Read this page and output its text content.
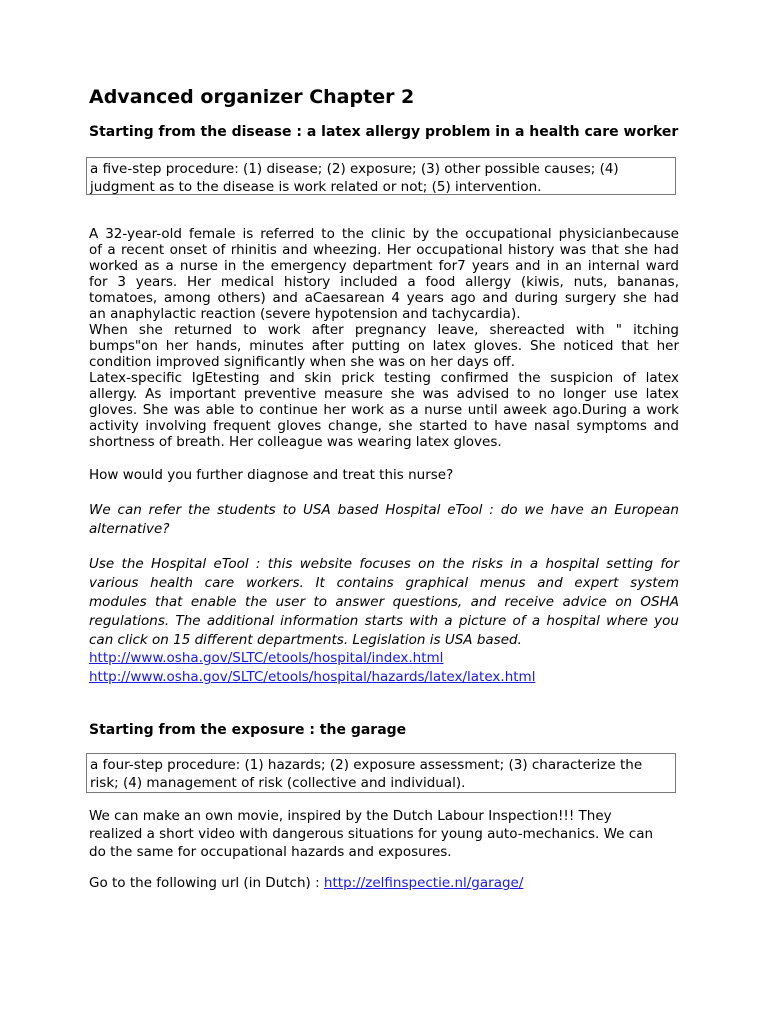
Advanced organizer Chapter 2
Starting from the disease : a latex allergy problem in a health care worker
a five-step procedure: (1) disease; (2) exposure; (3) other possible causes; (4) judgment as to the disease is work related or not; (5) intervention.
A 32-year-old female is referred to the clinic by the occupational physicianbecause
of a recent onset of rhinitis and wheezing. Her occupational history was that she had
worked as a nurse in the emergency department for7 years and in an internal ward
for 3 years. Her medical history included a food allergy (kiwis, nuts, bananas,
tomatoes, among others) and aCaesarean 4 years ago and during surgery she had
an anaphylactic reaction (severe hypotension and tachycardia).
When she returned to work after pregnancy leave, shereacted with " itching
bumps"on her hands, minutes after putting on latex gloves. She noticed that her
condition improved significantly when she was on her days off.
Latex-specific IgEtesting and skin prick testing confirmed the suspicion of latex
allergy. As important preventive measure she was advised to no longer use latex
gloves. She was able to continue her work as a nurse until aweek ago.During a work
activity involving frequent gloves change, she started to have nasal symptoms and
shortness of breath. Her colleague was wearing latex gloves.
How would you further diagnose and treat this nurse?
We can refer the students to USA based Hospital eTool : do we have an European
alternative?
Use the Hospital eTool : this website focuses on the risks in a hospital setting for
various health care workers. It contains graphical menus and expert system
modules that enable the user to answer questions, and receive advice on OSHA
regulations. The additional information starts with a picture of a hospital where you
can click on 15 different departments. Legislation is USA based.
http://www.osha.gov/SLTC/etools/hospital/index.html
http://www.osha.gov/SLTC/etools/hospital/hazards/latex/latex.html
Starting from the exposure : the garage
a four-step procedure: (1) hazards; (2) exposure assessment; (3) characterize the risk; (4) management of risk (collective and individual).
We can make an own movie, inspired by the Dutch Labour Inspection!!! They
realized a short video with dangerous situations for young auto-mechanics. We can
do the same for occupational hazards and exposures.
Go to the following url (in Dutch) : http://zelfinspectie.nl/garage/
